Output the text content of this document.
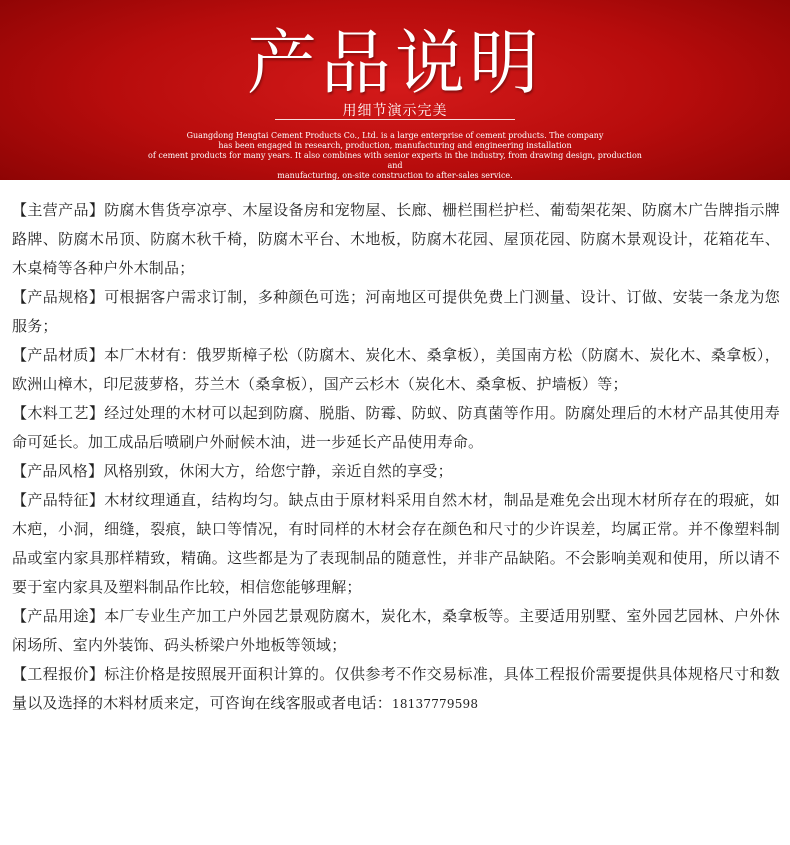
产品说明
用细节演示完美
Guangdong Hengtai Cement Products Co., Ltd. is a large enterprise of cement products. The company
has been engaged in research, production, manufacturing and engineering installation
of cement products for many years. It also combines with senior experts in the industry, from drawing design, production and
manufacturing, on-site construction to after-sales service.

【主营产品】防腐木售货亭凉亭、木屋设备房和宠物屋、长廊、栅栏围栏护栏、葡萄架花架、防腐木广告牌指示牌路牌、防腐木吊顶、防腐木秋千椅，防腐木平台、木地板，防腐木花园、屋顶花园、防腐木景观设计，花箱花车、木桌椅等各种户外木制品；

【产品规格】可根据客户需求订制，多种颜色可选；河南地区可提供免费上门测量、设计、订做、安装一条龙为您服务；

【产品材质】本厂木材有：俄罗斯樟子松（防腐木、炭化木、桑拿板），美国南方松（防腐木、炭化木、桑拿板），欧洲山樟木，印尼菠萝格，芬兰木（桑拿板），国产云杉木（炭化木、桑拿板、护墙板）等；

【木料工艺】经过处理的木材可以起到防腐、脱脂、防霉、防蚁、防真菌等作用。防腐处理后的木材产品其使用寿命可延长。加工成品后喷刷户外耐候木油，进一步延长产品使用寿命。

【产品风格】风格别致，休闲大方，给您宁静，亲近自然的享受；

【产品特征】木材纹理通直，结构均匀。缺点由于原材料采用自然木材，制品是难免会出现木材所存在的瑕疵，如木疤，小洞，细缝，裂痕，缺口等情况，有时同样的木材会存在颜色和尺寸的少许误差，均属正常。并不像塑料制品或室内家具那样精致，精确。这些都是为了表现制品的随意性，并非产品缺陷。不会影响美观和使用，所以请不要于室内家具及塑料制品作比较，相信您能够理解；

【产品用途】本厂专业生产加工户外园艺景观防腐木，炭化木，桑拿板等。主要适用别墅、室外园艺园林、户外休闲场所、室内外装饰、码头桥梁户外地板等领域；

【工程报价】标注价格是按照展开面积计算的。仅供参考不作交易标准，具体工程报价需要提供具体规格尺寸和数量以及选择的木料材质来定，可咨询在线客服或者电话：18137779598
